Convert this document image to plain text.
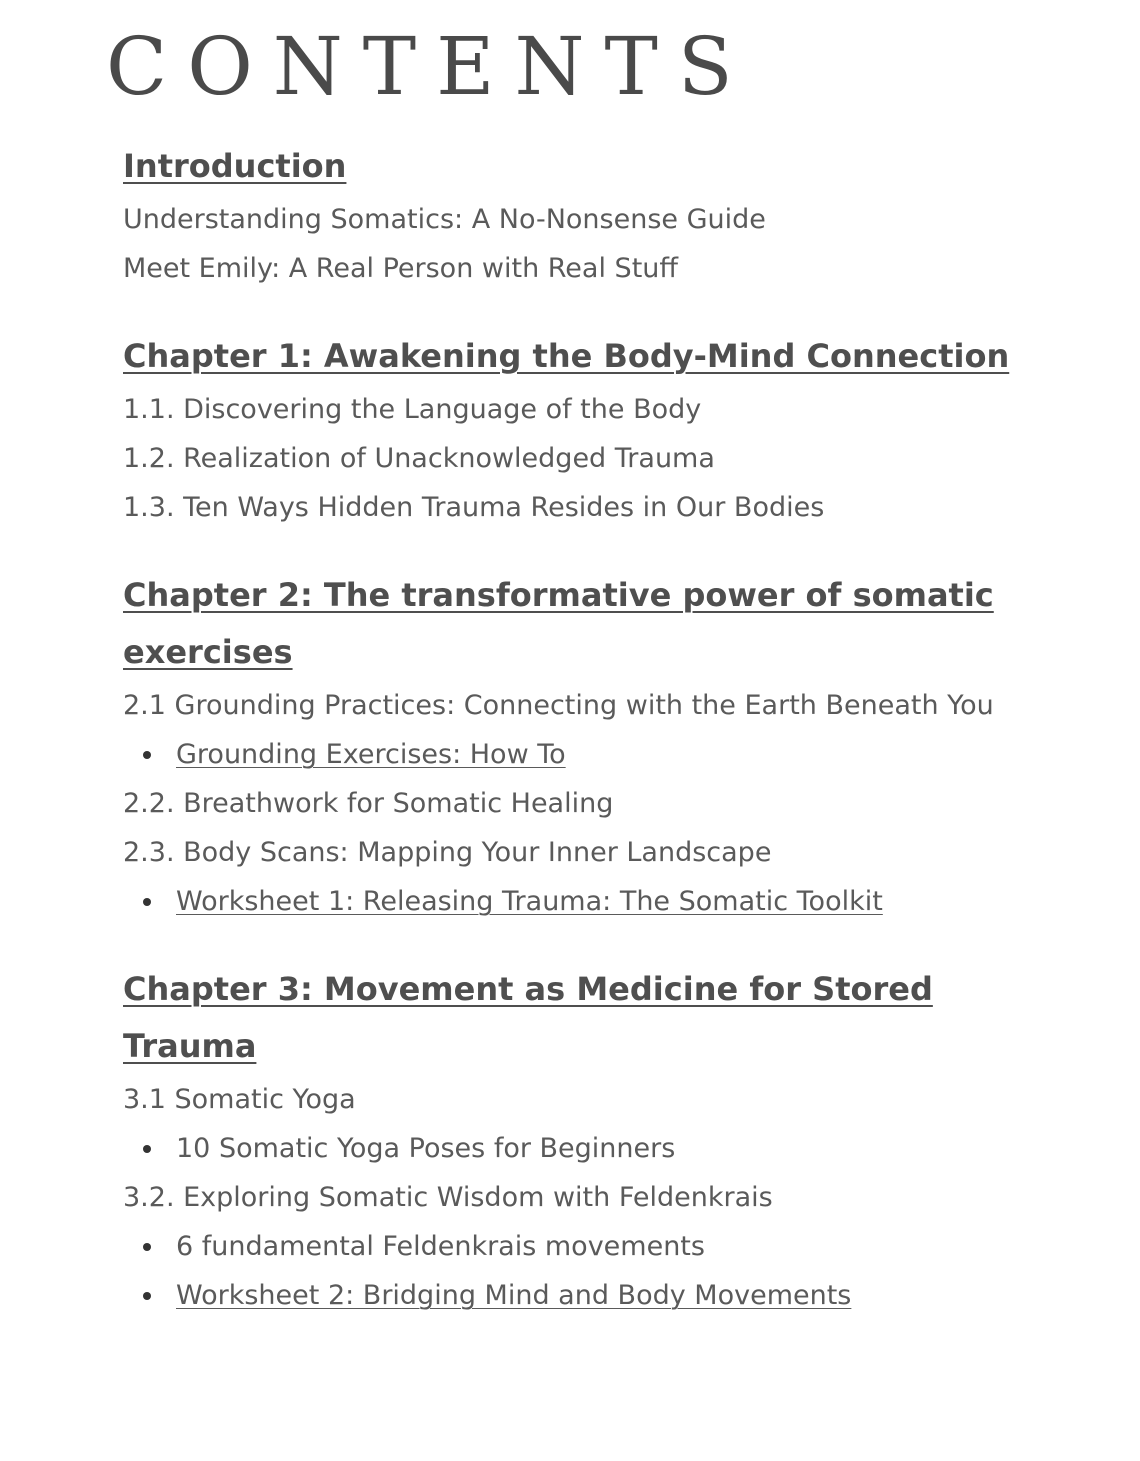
CONTENTS
Introduction

Understanding Somatics: A No-Nonsense Guide

Meet Emily: A Real Person with Real Stuff

Chapter 1: Awakening the Body-Mind Connection

1.1. Discovering the Language of the Body

1.2. Realization of Unacknowledged Trauma

1.3. Ten Ways Hidden Trauma Resides in Our Bodies

Chapter 2: The transformative power of somatic exercises

2.1 Grounding Practices: Connecting with the Earth Beneath You

Grounding Exercises: How To

2.2. Breathwork for Somatic Healing

2.3. Body Scans: Mapping Your Inner Landscape

Worksheet 1: Releasing Trauma: The Somatic Toolkit
Chapter 3: Movement as Medicine for Stored Trauma

3.1 Somatic Yoga

10 Somatic Yoga Poses for Beginners

3.2. Exploring Somatic Wisdom with Feldenkrais

6 fundamental Feldenkrais movements
Worksheet 2: Bridging Mind and Body Movements
